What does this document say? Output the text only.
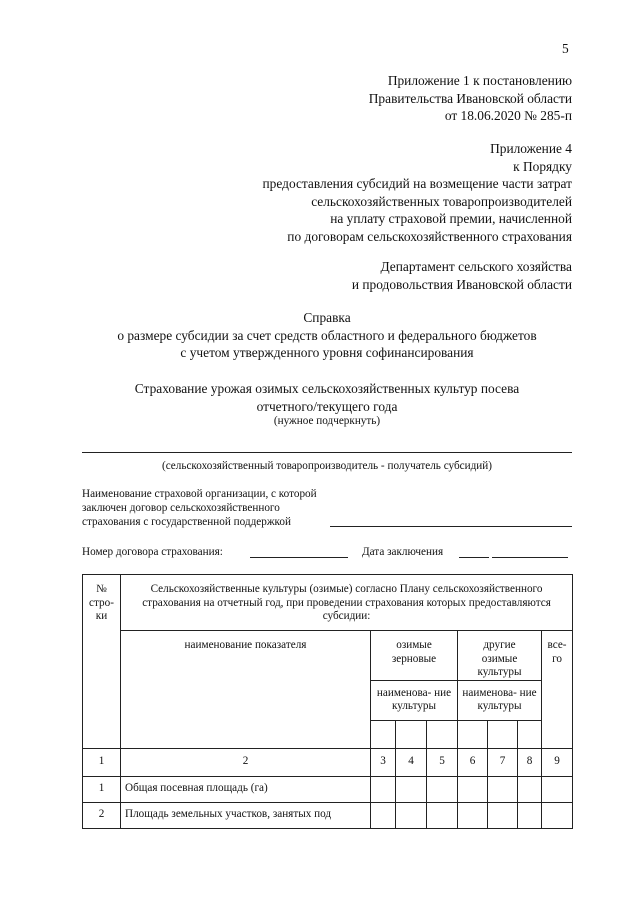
5
Приложение 1 к постановлению
Правительства Ивановской области
от 18.06.2020 № 285-п
Приложение 4
к Порядку
предоставления субсидий на возмещение части затрат
сельскохозяйственных товаропроизводителей
на уплату страховой премии, начисленной
по договорам сельскохозяйственного страхования
Департамент сельского хозяйства
и продовольствия Ивановской области
Справка
о размере субсидии за счет средств областного и федерального бюджетов
с учетом утвержденного уровня софинансирования
Страхование урожая озимых сельскохозяйственных культур посева
отчетного/текущего года
(нужное подчеркнуть)
(сельскохозяйственный товаропроизводитель - получатель субсидий)
Наименование страховой организации, с которой
заключен договор сельскохозяйственного
страхования с государственной поддержкой
Номер договора страхования:	Дата заключения
№ стро- ки	Сельскохозяйственные культуры (озимые) согласно Плану сельскохозяйственного страхования на отчетный год, при проведении страхования которых предоставляются субсидии:							
	наименование показателя	озимые зерновые			другие озимые культуры			все- го
		наименова- ние культуры			наименова- ние культуры			

1	2	3	4	5	6	7	8	9
1	Общая посевная площадь (га)							
2	Площадь земельных участков, занятых под							
